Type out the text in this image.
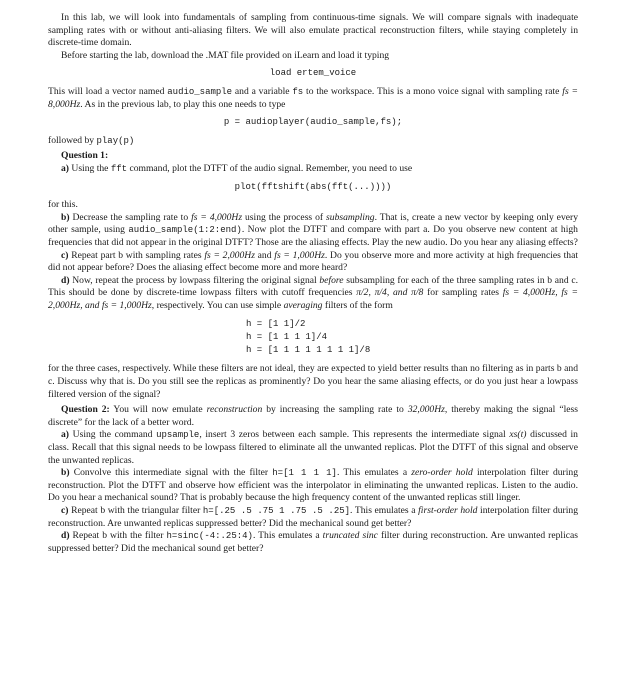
In this lab, we will look into fundamentals of sampling from continuous-time signals. We will compare signals with inadequate sampling rates with or without anti-aliasing filters. We will also emulate practical reconstruction filters, while staying completely in discrete-time domain.

Before starting the lab, download the .MAT file provided on iLearn and load it typing

load ertem_voice

This will load a vector named audio_sample and a variable fs to the workspace. This is a mono voice signal with sampling rate fs = 8,000Hz. As in the previous lab, to play this one needs to type

p = audioplayer(audio_sample,fs);

followed by play(p)

Question 1:

a) Using the fft command, plot the DTFT of the audio signal. Remember, you need to use

plot(fftshift(abs(fft(...))))

for this.

b) Decrease the sampling rate to fs = 4,000Hz using the process of subsampling. That is, create a new vector by keeping only every other sample, using audio_sample(1:2:end). Now plot the DTFT and compare with part a. Do you observe new content at high frequencies that did not appear in the original DTFT? Those are the aliasing effects. Play the new audio. Do you hear any aliasing effects?

c) Repeat part b with sampling rates fs = 2,000Hz and fs = 1,000Hz. Do you observe more and more activity at high frequencies that did not appear before? Does the aliasing effect become more and more heard?

d) Now, repeat the process by lowpass filtering the original signal before subsampling for each of the three sampling rates in b and c. This should be done by discrete-time lowpass filters with cutoff frequencies π/2, π/4, and π/8 for sampling rates fs = 4,000Hz, fs = 2,000Hz, and fs = 1,000Hz, respectively. You can use simple averaging filters of the form

h = [1 1]/2
h = [1 1 1 1]/4
h = [1 1 1 1 1 1 1 1]/8

for the three cases, respectively. While these filters are not ideal, they are expected to yield better results than no filtering as in parts b and c. Discuss why that is. Do you still see the replicas as prominently? Do you hear the same aliasing effects, or do you just hear a lowpass filtered version of the signal?

Question 2: You will now emulate reconstruction by increasing the sampling rate to 32,000Hz, thereby making the signal “less discrete” for the lack of a better word.

a) Using the command upsample, insert 3 zeros between each sample. This represents the intermediate signal xs(t) discussed in class. Recall that this signal needs to be lowpass filtered to eliminate all the unwanted replicas. Plot the DTFT of this signal and observe the unwanted replicas.

b) Convolve this intermediate signal with the filter h=[1 1 1 1]. This emulates a zero-order hold interpolation filter during reconstruction. Plot the DTFT and observe how efficient was the interpolator in eliminating the unwanted replicas. Listen to the audio. Do you hear a mechanical sound? That is probably because the high frequency content of the unwanted replicas still linger.

c) Repeat b with the triangular filter h=[.25 .5 .75 1 .75 .5 .25]. This emulates a first-order hold interpolation filter during reconstruction. Are unwanted replicas suppressed better? Did the mechanical sound get better?

d) Repeat b with the filter h=sinc(-4:.25:4). This emulates a truncated sinc filter during reconstruction. Are unwanted replicas suppressed better? Did the mechanical sound get better?
